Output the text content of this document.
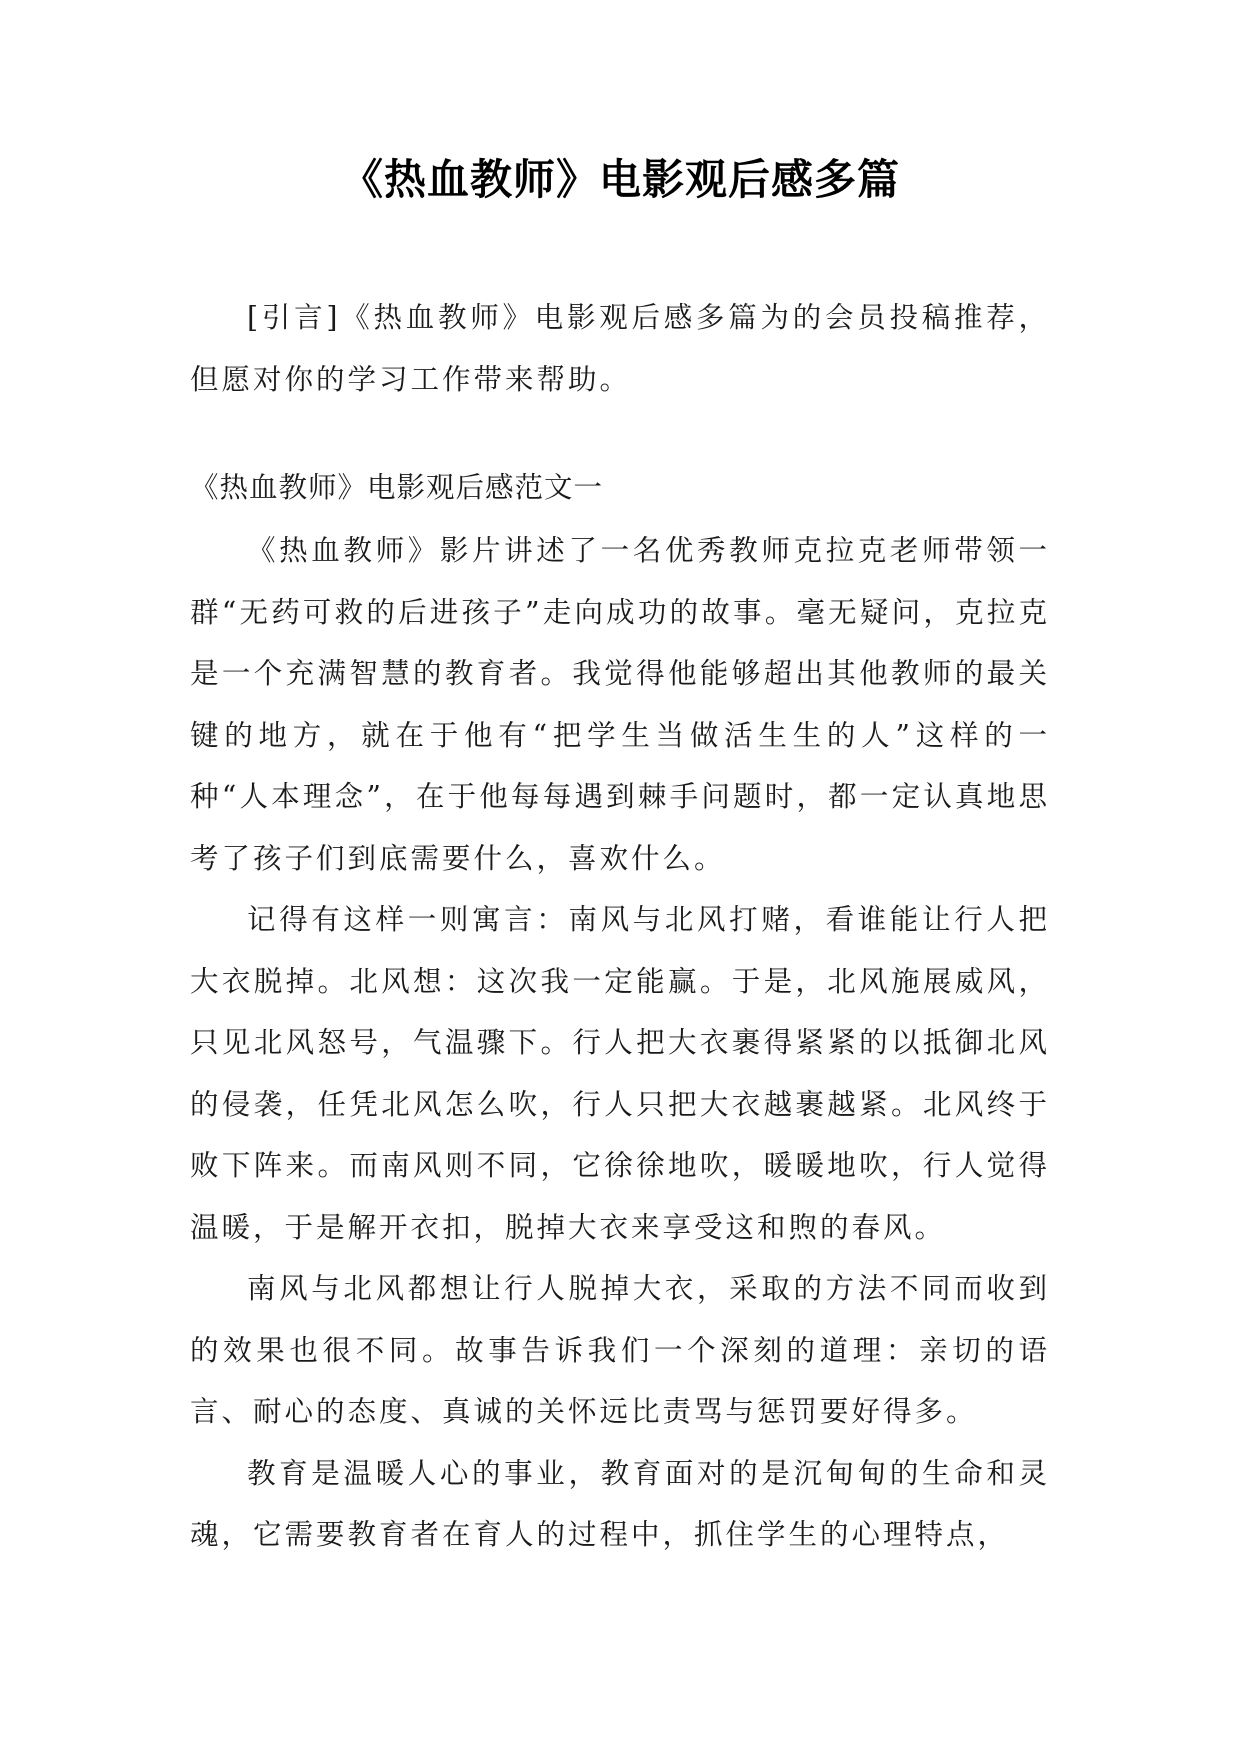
《热血教师》电影观后感多篇

[引言]《热血教师》电影观后感多篇为的会员投稿推荐，但愿对你的学习工作带来帮助。

《热血教师》电影观后感范文一

《热血教师》影片讲述了一名优秀教师克拉克老师带领一群“无药可救的后进孩子”走向成功的故事。毫无疑问，克拉克是一个充满智慧的教育者。我觉得他能够超出其他教师的最关键的地方，就在于他有“把学生当做活生生的人”这样的一种“人本理念”，在于他每每遇到棘手问题时，都一定认真地思考了孩子们到底需要什么，喜欢什么。

记得有这样一则寓言：南风与北风打赌，看谁能让行人把大衣脱掉。北风想：这次我一定能赢。于是，北风施展威风，只见北风怒号，气温骤下。行人把大衣裹得紧紧的以抵御北风的侵袭，任凭北风怎么吹，行人只把大衣越裹越紧。北风终于败下阵来。而南风则不同，它徐徐地吹，暖暖地吹，行人觉得温暖，于是解开衣扣，脱掉大衣来享受这和煦的春风。

南风与北风都想让行人脱掉大衣，采取的方法不同而收到的效果也很不同。故事告诉我们一个深刻的道理：亲切的语言、耐心的态度、真诚的关怀远比责骂与惩罚要好得多。

教育是温暖人心的事业，教育面对的是沉甸甸的生命和灵魂，它需要教育者在育人的过程中，抓住学生的心理特点，
